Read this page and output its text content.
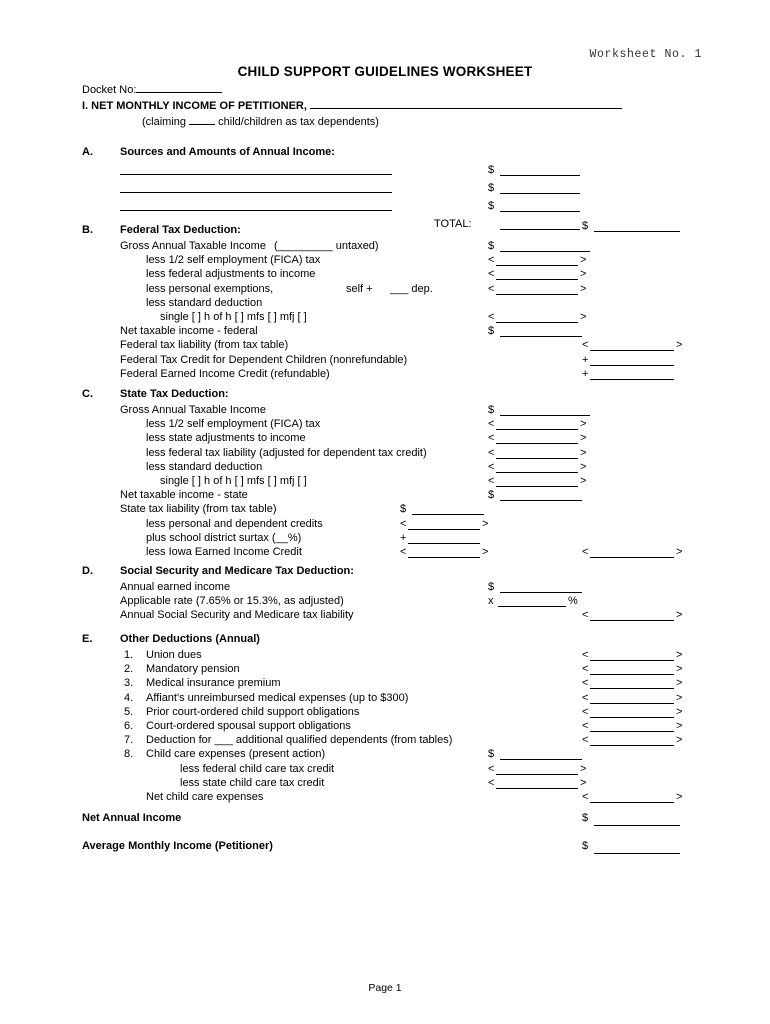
Worksheet No. 1
CHILD SUPPORT GUIDELINES WORKSHEET
Docket No:
I. NET MONTHLY INCOME OF PETITIONER,
(claiming	child/children as tax dependents)
A. Sources and Amounts of Annual Income:
$
$
$
TOTAL:	$
B. Federal Tax Deduction:
Gross Annual Taxable Income (_________ untaxed)	$
less 1/2 self employment (FICA) tax	<	>
less federal adjustments to income	<	>
less personal exemptions,	self + ___ dep.	<	>
less standard deduction
single [ ] h of h [ ] mfs [ ] mfj [ ]	<	>
Net taxable income - federal	$
Federal tax liability (from tax table)	<	>
Federal Tax Credit for Dependent Children (nonrefundable)	+
Federal Earned Income Credit (refundable)	+
C. State Tax Deduction:
Gross Annual Taxable Income	$
less 1/2 self employment (FICA) tax	<	>
less state adjustments to income	<	>
less federal tax liability (adjusted for dependent tax credit)	<	>
less standard deduction	<	>
single [ ] h of h [ ] mfs [ ] mfj [ ]	<	>
Net taxable income - state	$
State tax liability (from tax table)	$
less personal and dependent credits	<	>
plus school district surtax (__%)	+
less Iowa Earned Income Credit	<	>	<	>
D. Social Security and Medicare Tax Deduction:
Annual earned income	$
Applicable rate (7.65% or 15.3%, as adjusted)	x	%
Annual Social Security and Medicare tax liability	<	>
E.	Other Deductions (Annual)
1. Union dues	<	>
2. Mandatory pension	<	>
3. Medical insurance premium	<	>
4. Affiant's unreimbursed medical expenses (up to $300)	<	>
5. Prior court-ordered child support obligations	<	>
6. Court-ordered spousal support obligations	<	>
7. Deduction for ___ additional qualified dependents (from tables)	<	>
8. Child care expenses (present action)	$
less federal child care tax credit	<	>
less state child care tax credit	<	>
Net child care expenses	<	>
Net Annual Income	$
Average Monthly Income (Petitioner)	$
Page 1
